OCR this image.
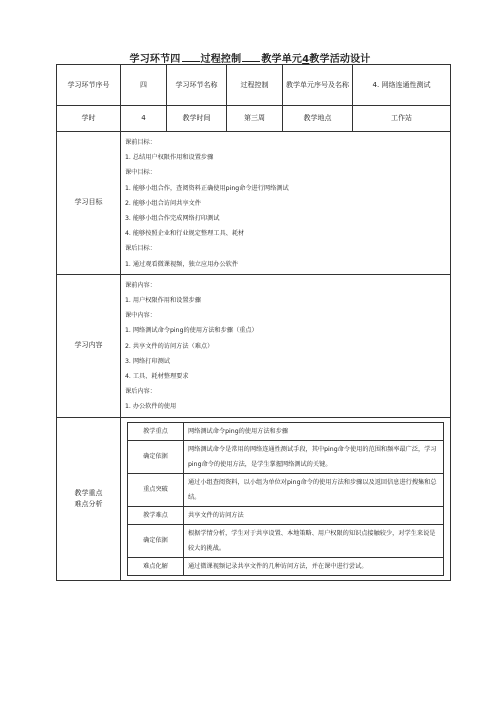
学习环节四 过程控制 教学单元4教学活动设计
学习环节序号	四	学习环节名称	过程控制	教学单元序号及名称	4. 网络连通性测试
学时	4	教学时间	第三周	教学地点	工作站
学习目标	

课前目标：

1. 总结用户权限作用和设置步骤

课中目标：

1. 能够小组合作，查阅资料正确使用ping命令进行网络测试

2. 能够小组合访问共享文件

3. 能够小组合作完成网络打印测试

4. 能够按照企业和行业规定整理工具、耗材

课后目标：

1. 通过观看微课视频，独立应用办公软件

学习内容	

课前内容：

1. 用户权限作用和设置步骤

课中内容：

1. 网络测试命令ping的使用方法和步骤（重点）

2. 共享文件的访问方法（难点）

3. 网络打印测试

4. 工具、耗材整理要求

课后内容：

1. 办公软件的使用

教学重点
难点分析

教学重点	网络测试命令ping的使用方法和步骤
确定依据	网络测试命令是常用的网络连通性测试手段，其中ping命令使用的范围和频率最广泛，学习ping命令的使用方法，是学生掌握网络测试的关键。
重点突破	通过小组查阅资料，以小组为单位对ping命令的使用方法和步骤以及返回信息进行搜集和总结。
教学难点	共享文件的访问方法
确定依据	根据学情分析，学生对于共享设置、本地策略、用户权限的知识点接触较少，对学生来说是较大的挑战。
难点化解	通过微课视频记录共享文件的几种访问方法，并在课中进行尝试。
